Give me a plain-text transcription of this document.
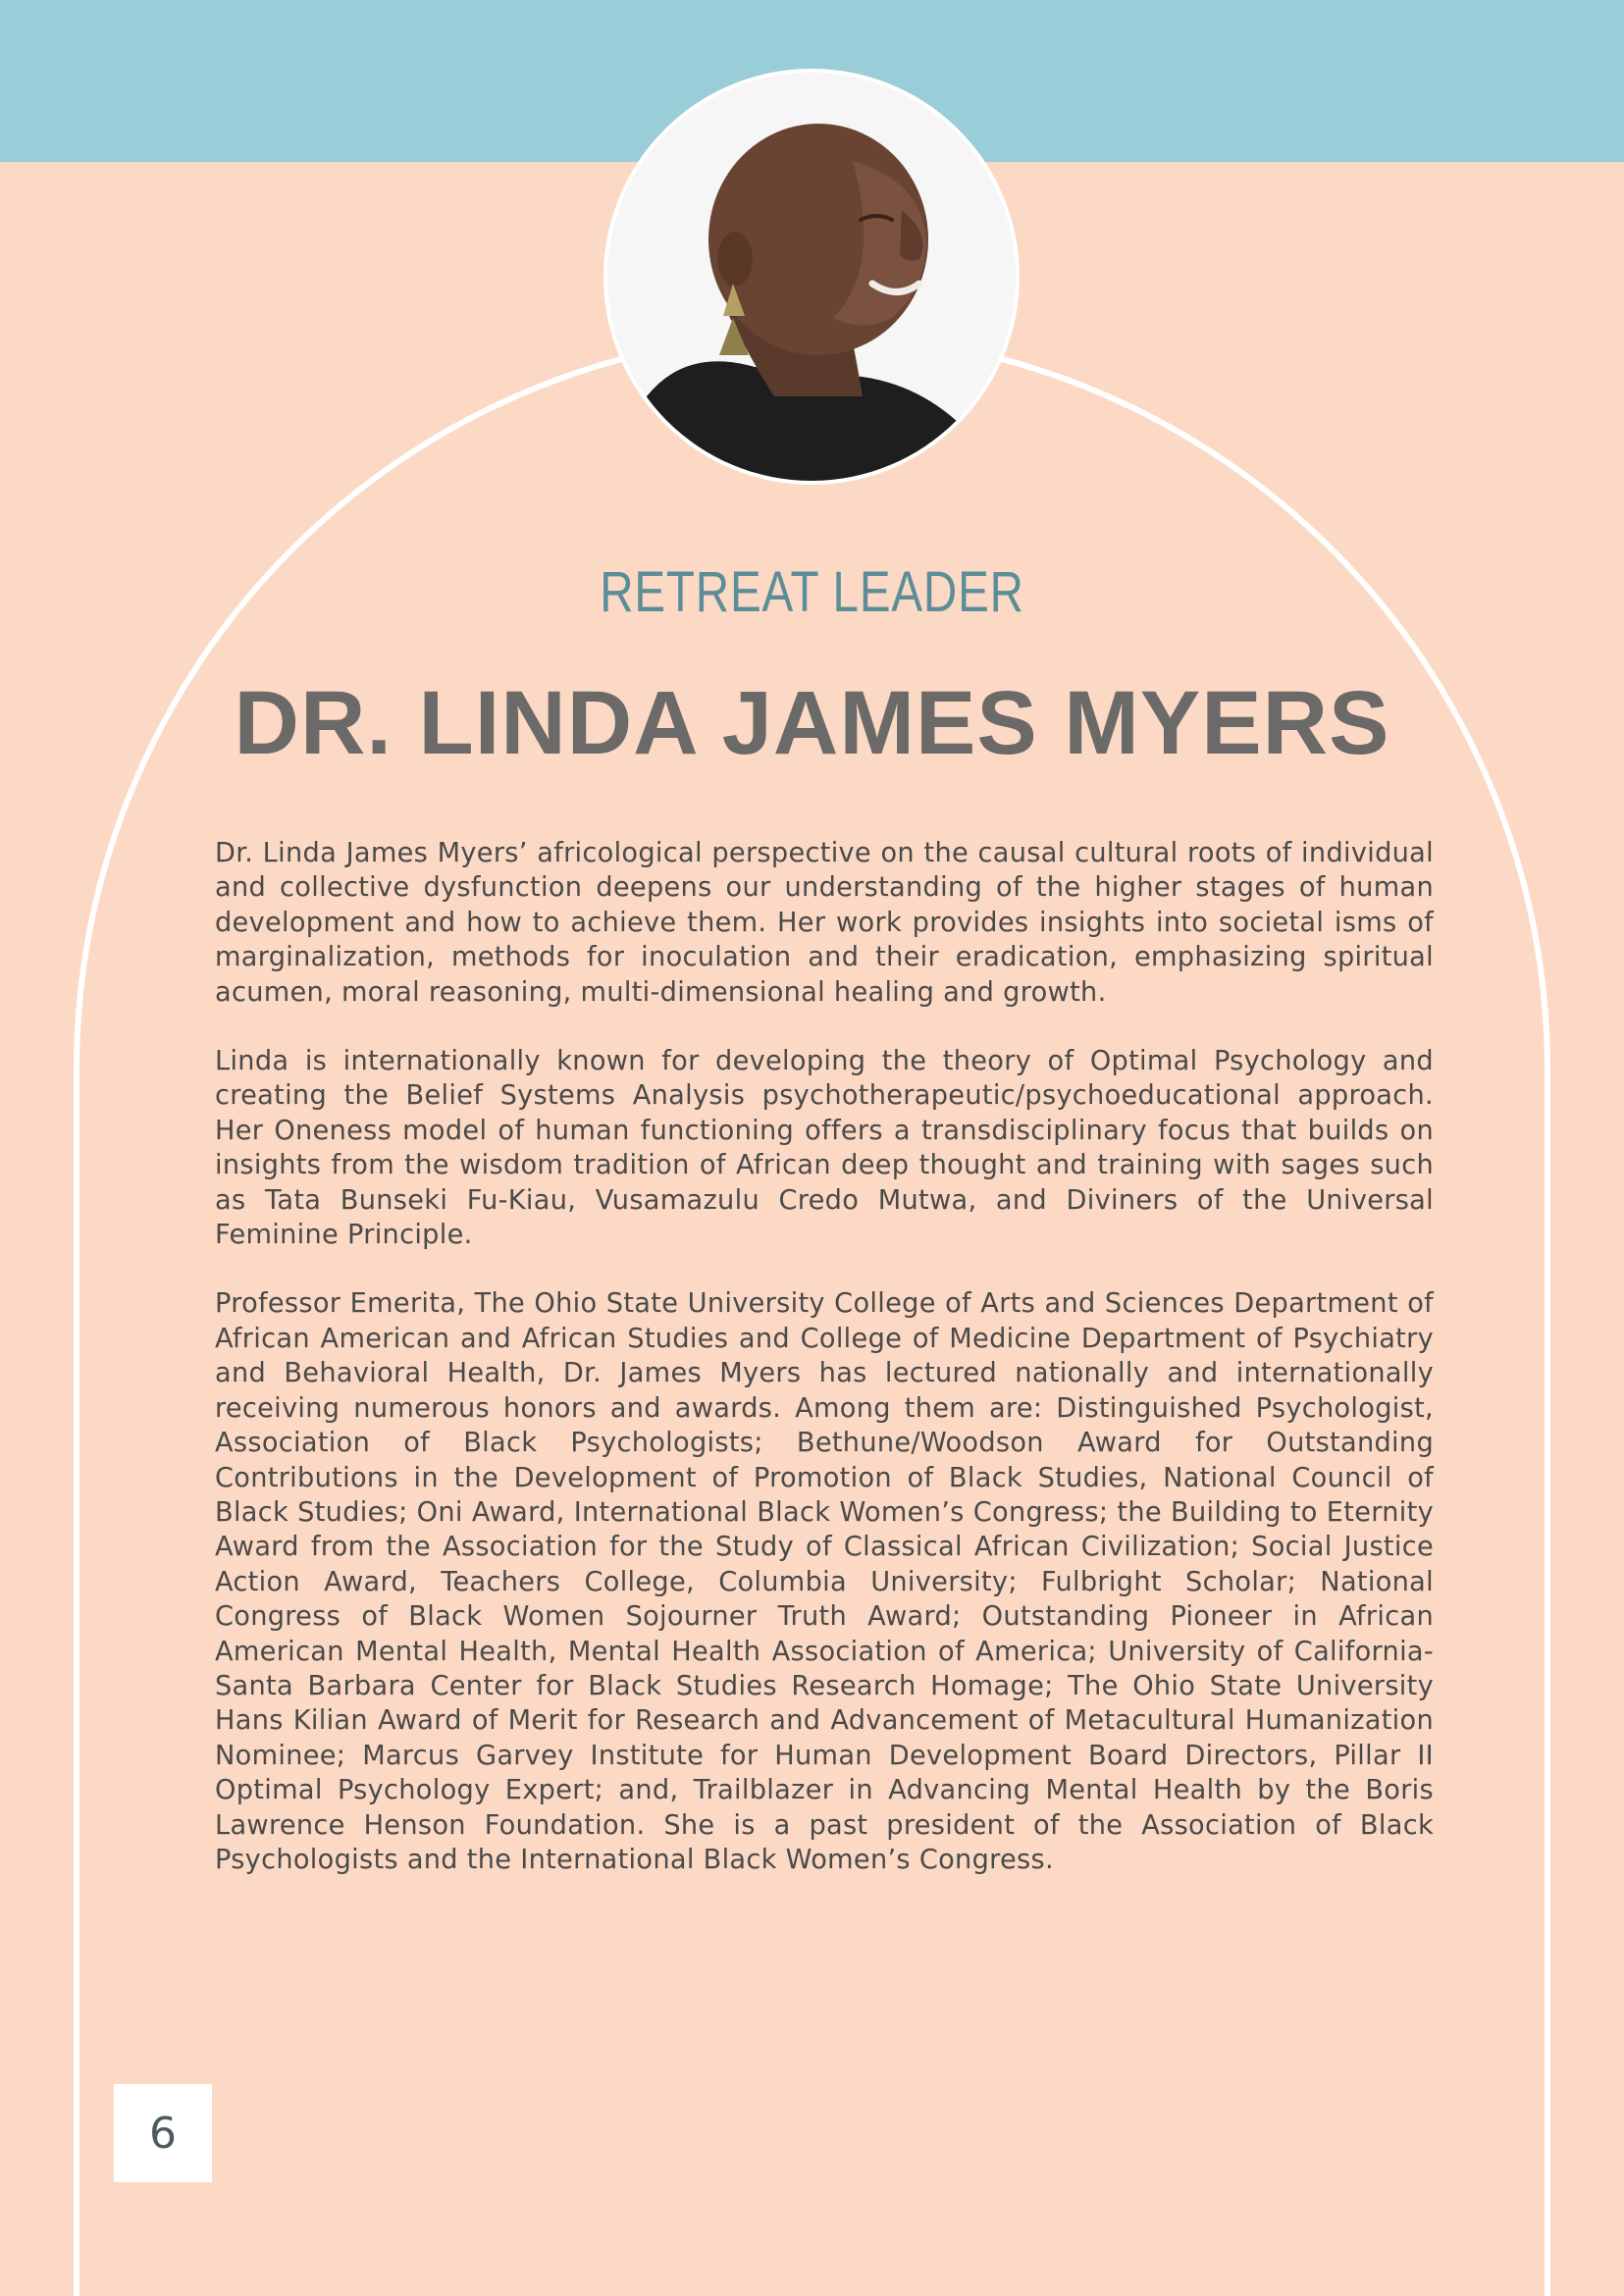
RETREAT LEADER
DR. LINDA JAMES MYERS

Dr. Linda James Myers’ africological perspective on the causal cultural roots of individual and collective dysfunction deepens our understanding of the higher stages of human development and how to achieve them. Her work provides insights into societal isms of marginalization, methods for inoculation and their eradication, emphasizing spiritual acumen, moral reasoning, multi-dimensional healing and growth.

Linda is internationally known for developing the theory of Optimal Psychology and creating the Belief Systems Analysis psychotherapeutic/psychoeducational approach. Her Oneness model of human functioning offers a transdisciplinary focus that builds on insights from the wisdom tradition of African deep thought and training with sages such as Tata Bunseki Fu-Kiau, Vusamazulu Credo Mutwa, and Diviners of the Universal Feminine Principle.

Professor Emerita, The Ohio State University College of Arts and Sciences Department of African American and African Studies and College of Medicine Department of Psychiatry and Behavioral Health, Dr. James Myers has lectured nationally and internationally receiving numerous honors and awards. Among them are: Distinguished Psychologist, Association of Black Psychologists; Bethune/Woodson Award for Outstanding Contributions in the Development of Promotion of Black Studies, National Council of Black Studies; Oni Award, International Black Women’s Congress; the Building to Eternity Award from the Association for the Study of Classical African Civilization; Social Justice Action Award, Teachers College, Columbia University; Fulbright Scholar; National Congress of Black Women Sojourner Truth Award; Outstanding Pioneer in African American Mental Health, Mental Health Association of America; University of California-Santa Barbara Center for Black Studies Research Homage; The Ohio State University Hans Kilian Award of Merit for Research and Advancement of Metacultural Humanization Nominee; Marcus Garvey Institute for Human Development Board Directors, Pillar II Optimal Psychology Expert; and, Trailblazer in Advancing Mental Health by the Boris Lawrence Henson Foundation. She is a past president of the Association of Black Psychologists and the International Black Women’s Congress.

6
